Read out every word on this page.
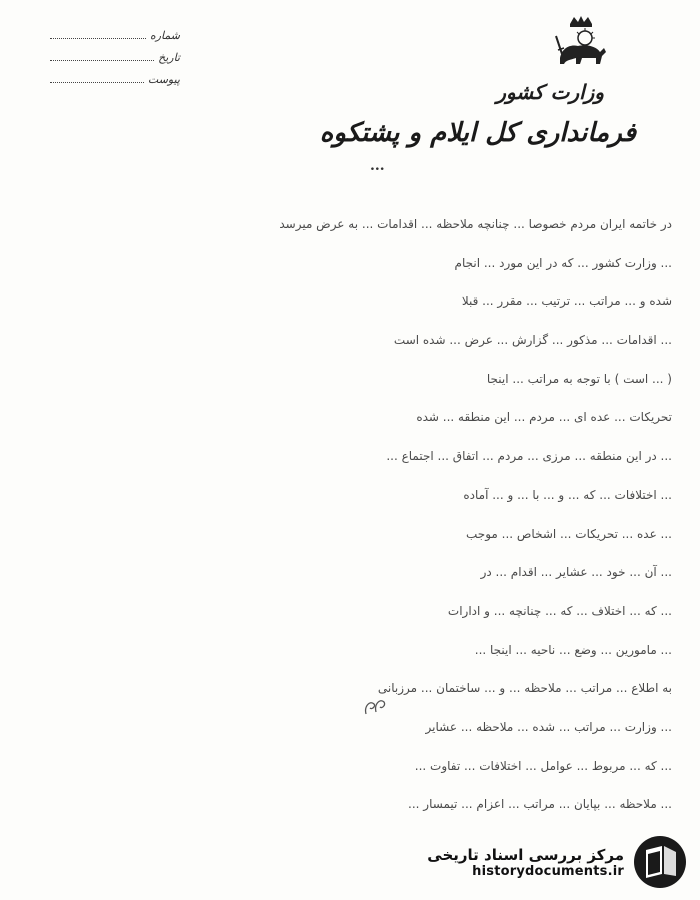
شماره
تاریخ
پیوست
وزارت کشور
فرمانداری کل ایلام و پشتکوه
...
در خاتمه ایران مردم خصوصا ... چنانچه ملاحظه ... اقدامات ... به عرض میرسد
... وزارت کشور ... که در این مورد ... انجام
شده و ... مراتب ... ترتیب ... مقرر ... قبلا
... اقدامات ... مذکور ... گزارش ... عرض ... شده است
( ... است ) با توجه به مراتب ... اینجا
تحریکات ... عده ای ... مردم ... این منطقه ... شده
... در این منطقه ... مرزی ... مردم ... اتفاق ... اجتماع ...
... اختلافات ... که ... و ... با ... و ... آماده
... عده ... تحریکات ... اشخاص ... موجب
... آن ... خود ... عشایر ... اقدام ... در
... که ... اختلاف ... که ... چنانچه ... و ادارات
... مامورین ... وضع ... ناحیه ... اینجا ...
به اطلاع ... مراتب ... ملاحظه ... و ... ساختمان ... مرزبانی
... وزارت ... مراتب ... شده ... ملاحظه ... عشایر
... که ... مربوط ... عوامل ... اختلافات ... تفاوت ...
... ملاحظه ... بپایان ... مراتب ... اعزام ... تیمسار ...
مرکز بررسی اسناد تاریخی
historydocuments.ir
